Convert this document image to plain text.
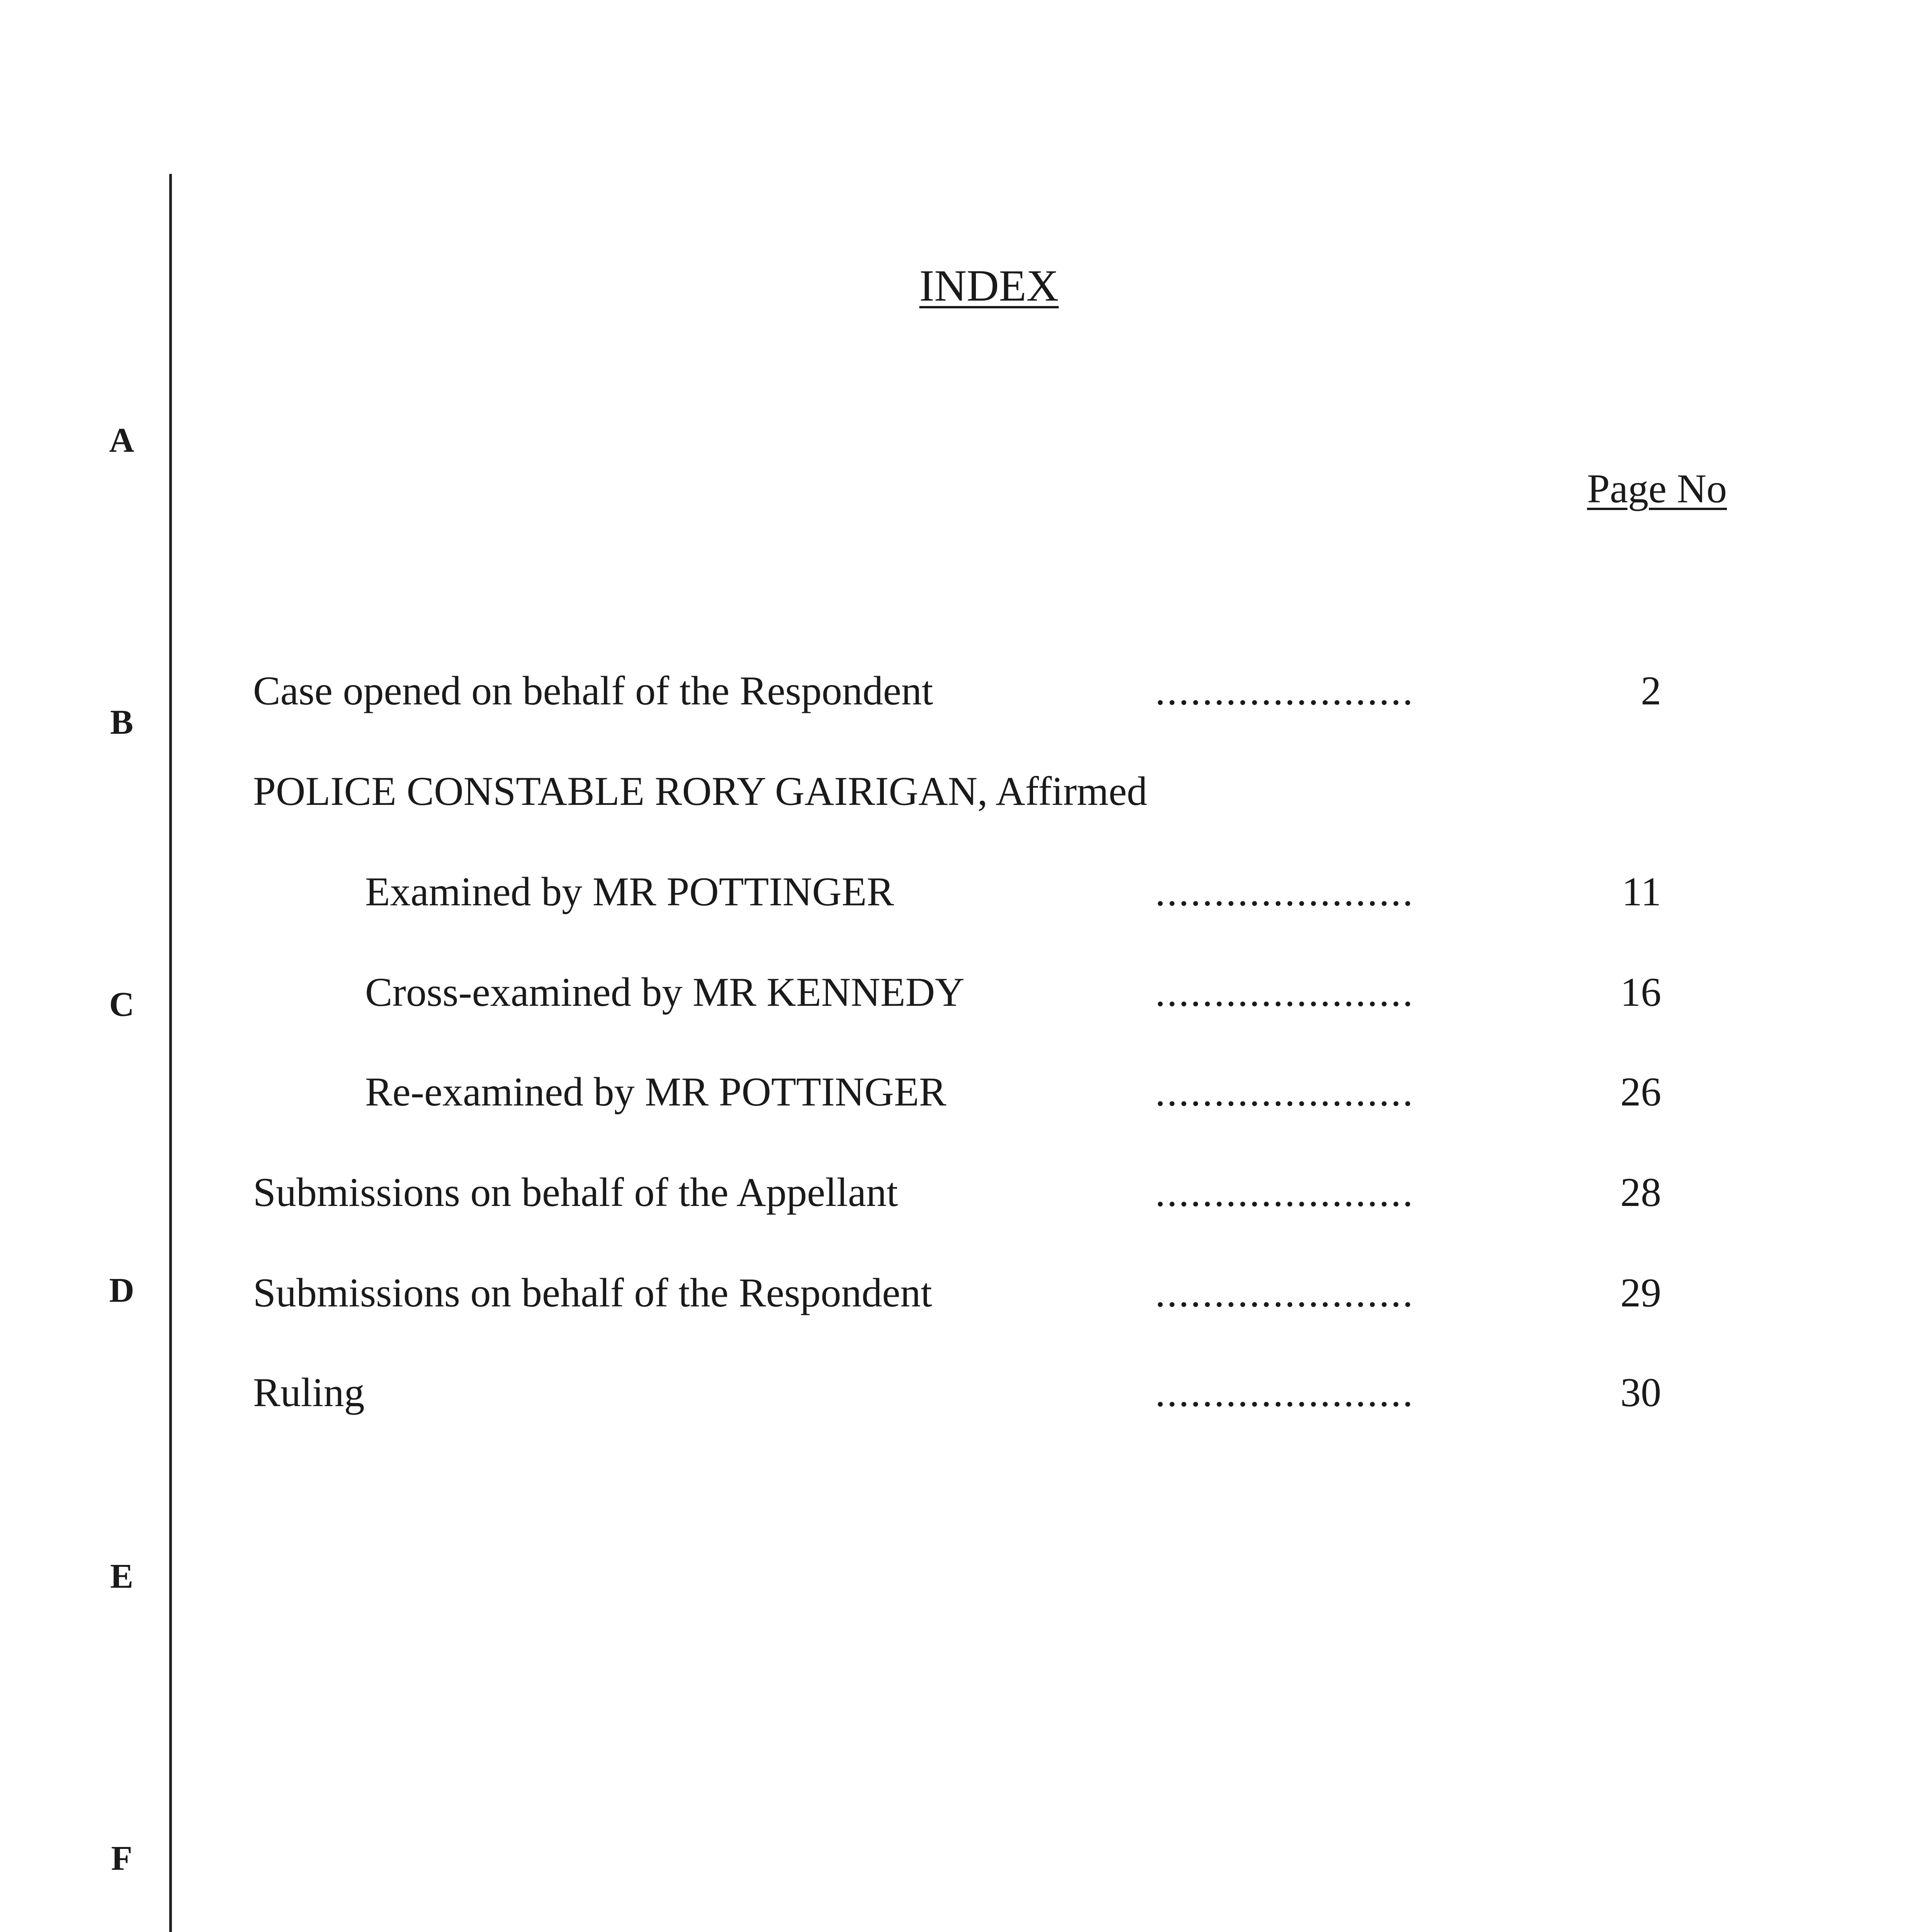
A
B
C
D
E
F
INDEX
Page No
Case opened on behalf of the Respondent	......................	2
POLICE CONSTABLE RORY GAIRIGAN, Affirmed
Examined by MR POTTINGER	......................	11
Cross-examined by MR KENNEDY	......................	16
Re-examined by MR POTTINGER	......................	26
Submissions on behalf of the Appellant	......................	28
Submissions on behalf of the Respondent	......................	29
Ruling	......................	30
